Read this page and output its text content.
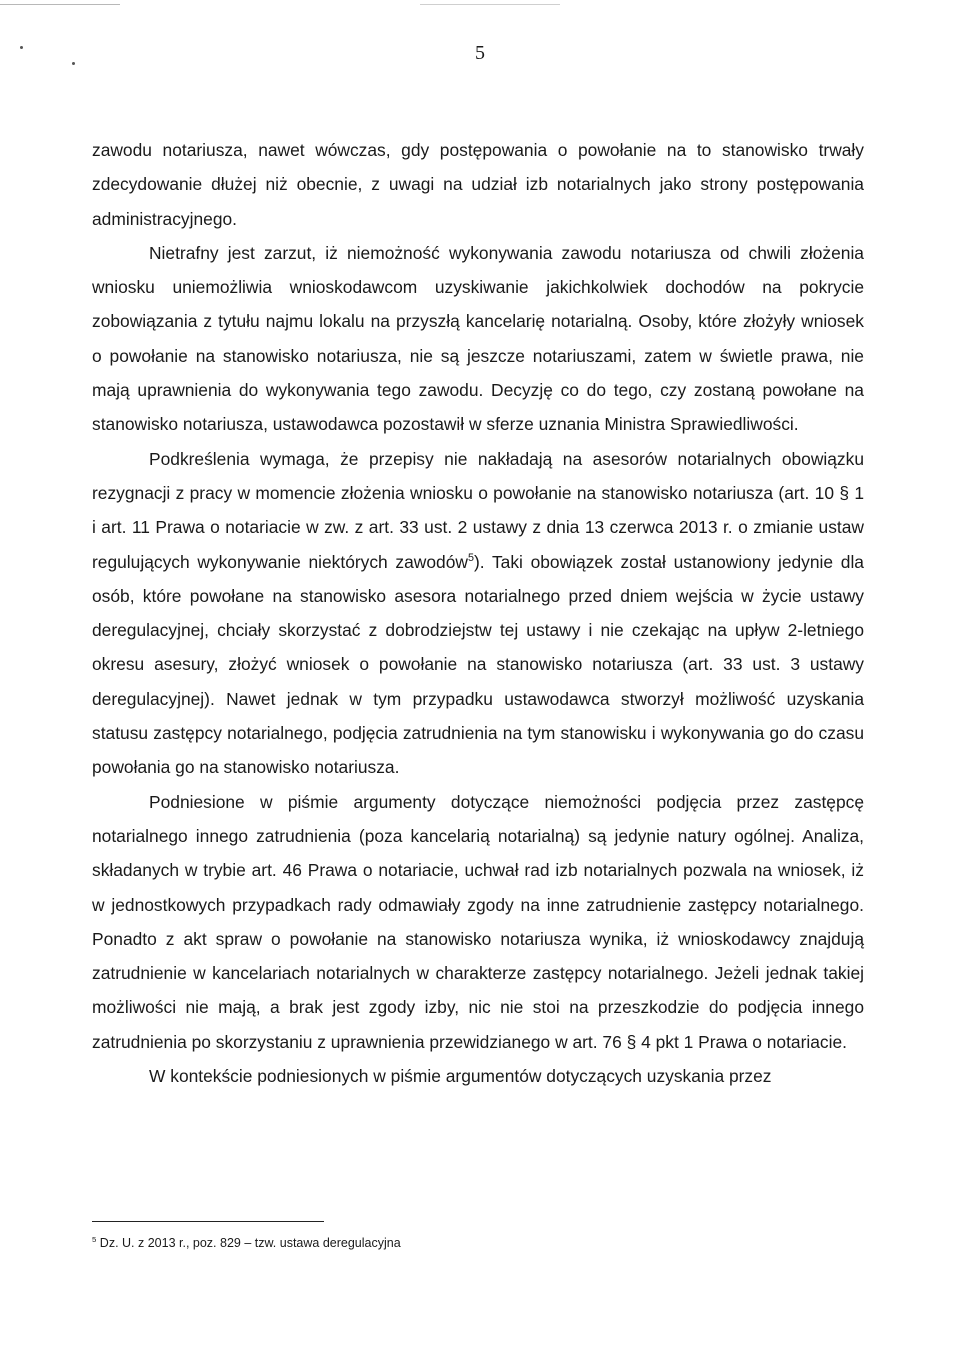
5

zawodu notariusza, nawet wówczas, gdy postępowania o powołanie na to stanowisko trwały zdecydowanie dłużej niż obecnie, z uwagi na udział izb notarialnych jako strony postępowania administracyjnego.

Nietrafny jest zarzut, iż niemożność wykonywania zawodu notariusza od chwili złożenia wniosku uniemożliwia wnioskodawcom uzyskiwanie jakichkolwiek dochodów na pokrycie zobowiązania z tytułu najmu lokalu na przyszłą kancelarię notarialną. Osoby, które złożyły wniosek o powołanie na stanowisko notariusza, nie są jeszcze notariuszami, zatem w świetle prawa, nie mają uprawnienia do wykonywania tego zawodu. Decyzję co do tego, czy zostaną powołane na stanowisko notariusza, ustawodawca pozostawił w sferze uznania Ministra Sprawiedliwości.

Podkreślenia wymaga, że przepisy nie nakładają na asesorów notarialnych obowiązku rezygnacji z pracy w momencie złożenia wniosku o powołanie na stanowisko notariusza (art. 10 § 1 i art. 11 Prawa o notariacie w zw. z art. 33 ust. 2 ustawy z dnia 13 czerwca 2013 r. o zmianie ustaw regulujących wykonywanie niektórych zawodów$^5$). Taki obowiązek został ustanowiony jedynie dla osób, które powołane na stanowisko asesora notarialnego przed dniem wejścia w życie ustawy deregulacyjnej, chciały skorzystać z dobrodziejstw tej ustawy i nie czekając na upływ 2-letniego okresu asesury, złożyć wniosek o powołanie na stanowisko notariusza (art. 33 ust. 3 ustawy deregulacyjnej). Nawet jednak w tym przypadku ustawodawca stworzył możliwość uzyskania statusu zastępcy notarialnego, podjęcia zatrudnienia na tym stanowisku i wykonywania go do czasu powołania go na stanowisko notariusza.

Podniesione w piśmie argumenty dotyczące niemożności podjęcia przez zastępcę notarialnego innego zatrudnienia (poza kancelarią notarialną) są jedynie natury ogólnej. Analiza, składanych w trybie art. 46 Prawa o notariacie, uchwał rad izb notarialnych pozwala na wniosek, iż w jednostkowych przypadkach rady odmawiały zgody na inne zatrudnienie zastępcy notarialnego. Ponadto z akt spraw o powołanie na stanowisko notariusza wynika, iż wnioskodawcy znajdują zatrudnienie w kancelariach notarialnych w charakterze zastępcy notarialnego. Jeżeli jednak takiej możliwości nie mają, a brak jest zgody izby, nic nie stoi na przeszkodzie do podjęcia innego zatrudnienia po skorzystaniu z uprawnienia przewidzianego w art. 76 § 4 pkt 1 Prawa o notariacie.

W kontekście podniesionych w piśmie argumentów dotyczących uzyskania przez

$^5$ Dz. U. z 2013 r., poz. 829 – tzw. ustawa deregulacyjna
